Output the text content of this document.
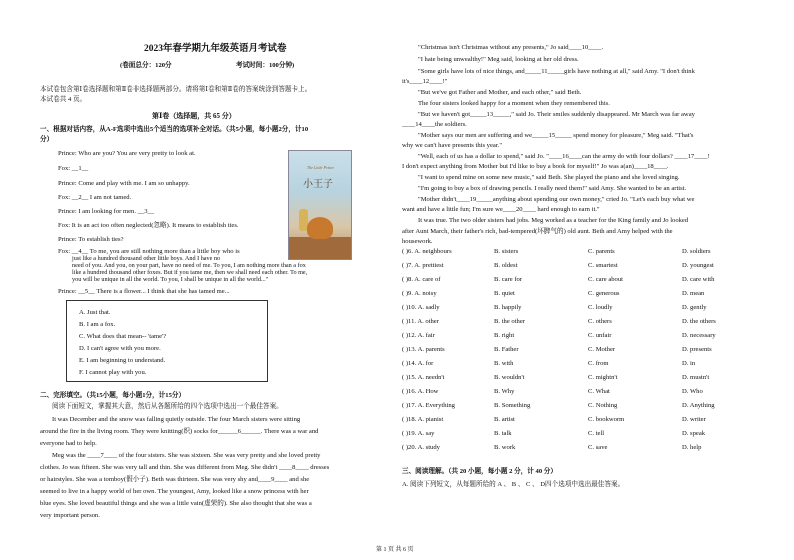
2023年春学期九年级英语月考试卷
(卷面总分：120分	考试时间：100分钟)
本试卷包含第Ⅰ卷选择题和第Ⅱ卷非选择题两部分。请将第Ⅰ卷和第Ⅱ卷的答案统涂到答题卡上。
本试卷共 4 页。
第Ⅰ卷（选择题，共 65 分）
一、根据对话内容，从A-F选项中选出5个适当的选项补全对话。（共5小题，每小题2分，计10
分）
Prince: Who are you? You are very pretty to look at.
Fox: __1__
Prince: Come and play with me. I am so unhappy.
Fox: __2__ I am not tamed.
Prince: I am looking for men. __3__
Fox: It is an act too often neglected(忽略). It means to establish ties.
Prince: To establish ties?
Fox: __4__ To me, you are still nothing more than a little boy who is
just like a hundred thousand other little boys. And I have no
need of you. And you, on your part, have no need of me. To you, I am nothing more than a fox
like a hundred thousand other foxes. But if you tame me, then we shall need each other. To me,
you will be unique in all the world. To you, I shall be unique in all the world..."
Prince: __5__ There is a flower... I think that she has tamed me...
The Little Prince
小王子
A. Just that.
B. I am a fox.
C. What does that mean-- 'tame'?
D. I can't agree with you more.
E. I am beginning to understand.
F. I cannot play with you.
二、完形填空。（共15小题，每小题1分，计15分）
阅读下面短文，掌握其大意，然后从各题所给的四个选项中选出一个最佳答案。
It was December and the snow was falling quietly outside. The four March sisters were sitting
around the fire in the living room. They were knitting(织) socks for______6______. There was a war and
everyone had to help.
Meg was the ____7____ of the four sisters. She was sixteen. She was very pretty and she loved pretty
clothes. Jo was fifteen. She was very tall and thin. She was different from Meg. She didn't ____8____ dresses
or hairstyles. She was a tomboy(假小子). Beth was thirteen. She was very shy and____9____ and she
seemed to live in a happy world of her own. The youngest, Amy, looked like a snow princess with her
blue eyes. She loved beautiful things and she was a little vain(虚荣的). She also thought that she was a
very important person.
"Christmas isn't Christmas without any presents," Jo said____10____.
"I hate being unwealthy!" Meg said, looking at her old dress.
"Some girls have lots of nice things, and_____11_____girls have nothing at all," said Amy. "I don't think
it's____12____!"
"But we've got Father and Mother, and each other," said Beth.
The four sisters looked happy for a moment when they remembered this.
"But we haven't got_____13_____," said Jo. Their smiles suddenly disappeared. Mr March was far away
____14____the soldiers.
"Mother says our men are suffering and we_____15_____ spend money for pleasure," Meg said. "That's
why we can't have presents this year."
"Well, each of us has a dollar to spend," said Jo. "____16____can the army do with four dollars? ____17____!
I don't expect anything from Mother but I'd like to buy a book for myself!" Jo was a(an)____18____.
"I want to spend mine on some new music," said Beth. She played the piano and she loved singing.
"I'm going to buy a box of drawing pencils. I really need them!" said Amy. She wanted to be an artist.
"Mother didn't____19_____anything about spending our own money," cried Jo. "Let's each buy what we
want and have a little fun; I'm sure we____20____ hard enough to earn it."
It was true. The two older sisters had jobs. Meg worked as a teacher for the King family and Jo looked
after Aunt March, their father's rich, bad-tempered(坏脾气的) old aunt. Beth and Amy helped with the
housework.
( )6. A. neighbours	B. sisters	C. parents	D. soldiers
( )7. A. prettiest	B. oldest	C. smartest	D. youngest
( )8. A. care of	B. care for	C. care about	D. care with
( )9. A. noisy	B. quiet	C. generous	D. mean
( )10. A. sadly	B. happily	C. loudly	D. gently
( )11. A. other	B. the other	C. others	D. the others
( )12. A. fair	B. right	C. unfair	D. necessary
( )13. A. parents	B. Father	C. Mother	D. presents
( )14. A. for	B. with	C. from	D. in
( )15. A. needn't	B. wouldn't	C. mightn't	D. mustn't
( )16. A. How	B. Why	C. What	D. Who
( )17. A. Everything	B. Something	C. Nothing	D. Anything
( )18. A. pianist	B. artist	C. bookworm	D. writer
( )19. A. say	B. talk	C. tell	D. speak
( )20. A. study	B. work	C. save	D. help
三、阅读理解。（共 20 小题，每小题 2 分，计 40 分）
A. 阅读下列短文，从每题所给的 A 、 B 、 C 、 D四个选项中选出最佳答案。
第 1 页 共 6 页
